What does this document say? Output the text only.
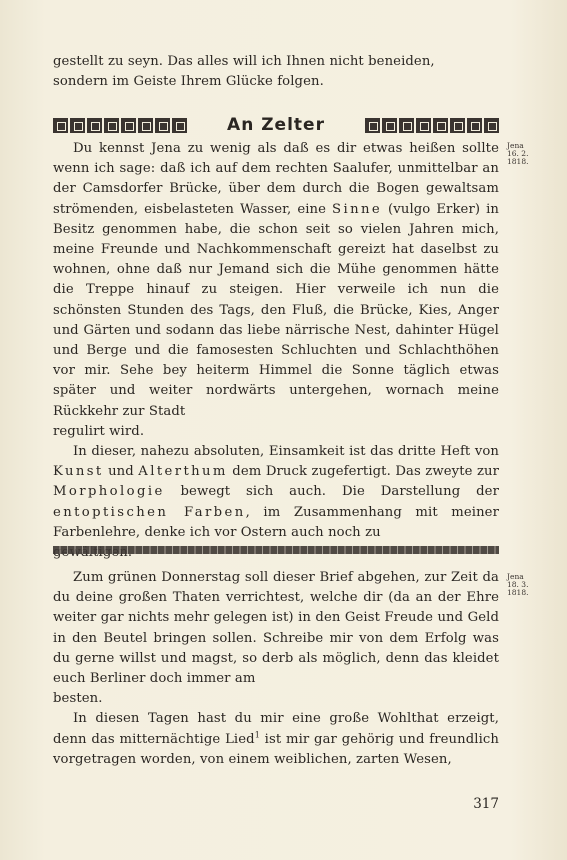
gestellt zu seyn. Das alles will ich Ihnen nicht beneiden,

sondern im Geiste Ihrem Glücke folgen.

An Zelter
Jena
16. 2.
1818.

Du kennst Jena zu wenig als daß es dir etwas heißen sollte wenn ich sage: daß ich auf dem rechten Saalufer, unmittelbar an der Camsdorfer Brücke, über dem durch die Bogen gewaltsam strömenden, eisbelasteten Wasser, eine Sinne (vulgo Erker) in Besitz genommen habe, die schon seit so vielen Jahren mich, meine Freunde und Nachkommenschaft gereizt hat daselbst zu wohnen, ohne daß nur Jemand sich die Mühe genommen hätte die Treppe hinauf zu steigen. Hier verweile ich nun die schönsten Stunden des Tags, den Fluß, die Brücke, Kies, Anger und Gärten und sodann das liebe närrische Nest, dahinter Hügel und Berge und die famosesten Schluchten und Schlachthöhen vor mir. Sehe bey heiterm Himmel die Sonne täglich etwas später und weiter nordwärts untergehen, wornach meine Rückkehr zur Stadt

regulirt wird.

In dieser, nahezu absoluten, Einsamkeit ist das dritte Heft von Kunst und Alterthum dem Druck zugefertigt. Das zweyte zur Morphologie bewegt sich auch. Die Darstellung der entoptischen Farben, im Zusammenhang mit meiner Farbenlehre, denke ich vor Ostern auch noch zu

Jena
18. 3.
1818.

Zum grünen Donnerstag soll dieser Brief abgehen, zur Zeit da du deine großen Thaten verrichtest, welche dir (da an der Ehre weiter gar nichts mehr gelegen ist) in den Geist Freude und Geld in den Beutel bringen sollen. Schreibe mir von dem Erfolg was du gerne willst und magst, so derb als möglich, denn das kleidet euch Berliner doch immer am

besten.

In diesen Tagen hast du mir eine große Wohlthat erzeigt, denn das mitternächtige Lied$^1$ ist mir gar gehörig und freundlich vorgetragen worden, von einem weiblichen, zarten Wesen,

317
